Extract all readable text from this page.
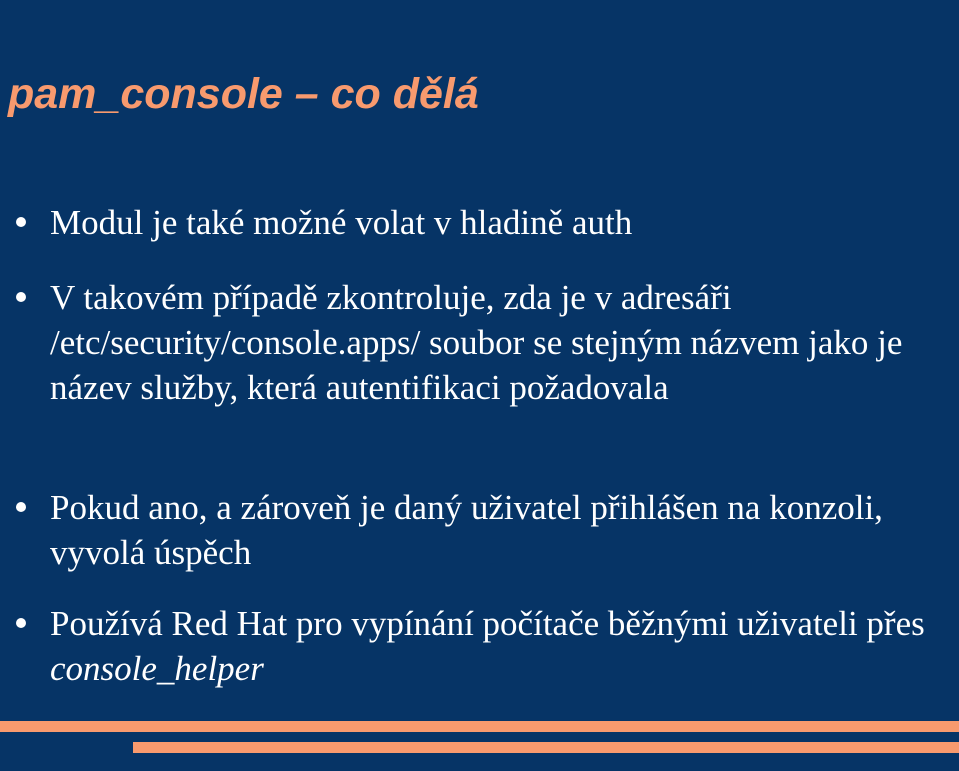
pam_console – co dělá
Modul je také možné volat v hladině auth
V takovém případě zkontroluje, zda je v adresáři /etc/security/console.apps/ soubor se stejným názvem jako je název služby, která autentifikaci požadovala
Pokud ano, a zároveň je daný uživatel přihlášen na konzoli, vyvolá úspěch
Používá Red Hat pro vypínání počítače běžnými uživateli přes console_helper
